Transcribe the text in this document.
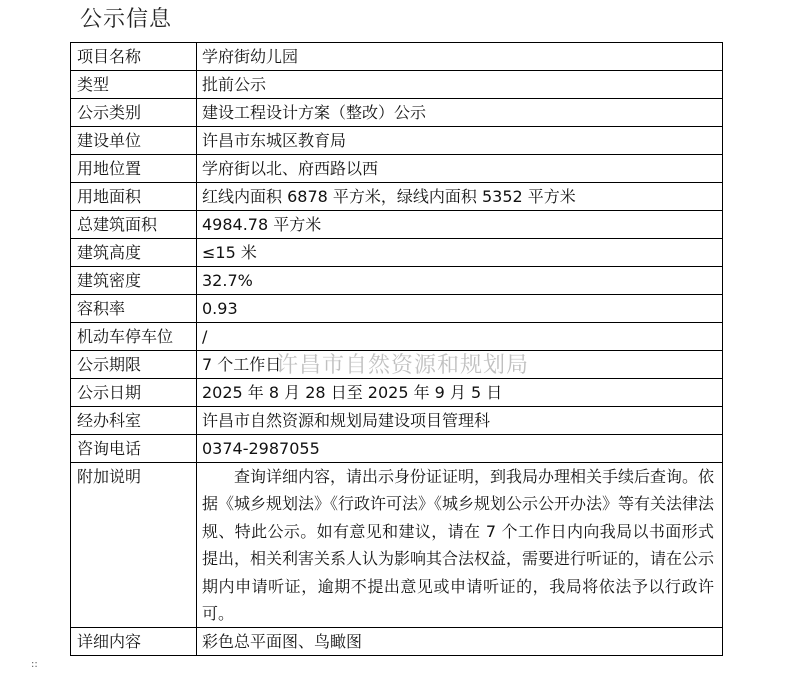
公示信息
项目名称	学府街幼儿园
类型	批前公示
公示类别	建设工程设计方案（整改）公示
建设单位	许昌市东城区教育局
用地位置	学府街以北、府西路以西
用地面积	红线内面积 6878 平方米，绿线内面积 5352 平方米
总建筑面积	4984.78 平方米
建筑高度	≤15 米
建筑密度	32.7%
容积率	0.93
机动车停车位	/
公示期限	7 个工作日
公示日期	2025 年 8 月 28 日至 2025 年 9 月 5 日
经办科室	许昌市自然资源和规划局建设项目管理科
咨询电话	0374-2987055
附加说明	查询详细内容，请出示身份证证明，到我局办理相关手续后查询。依据《城乡规划法》《行政许可法》《城乡规划公示公开办法》等有关法律法规、特此公示。如有意见和建议，请在 7 个工作日内向我局以书面形式提出，相关利害关系人认为影响其合法权益，需要进行听证的，请在公示期内申请听证，逾期不提出意见或申请听证的，我局将依法予以行政许可。
详细内容	彩色总平面图、鸟瞰图
许昌市自然资源和规划局
::
